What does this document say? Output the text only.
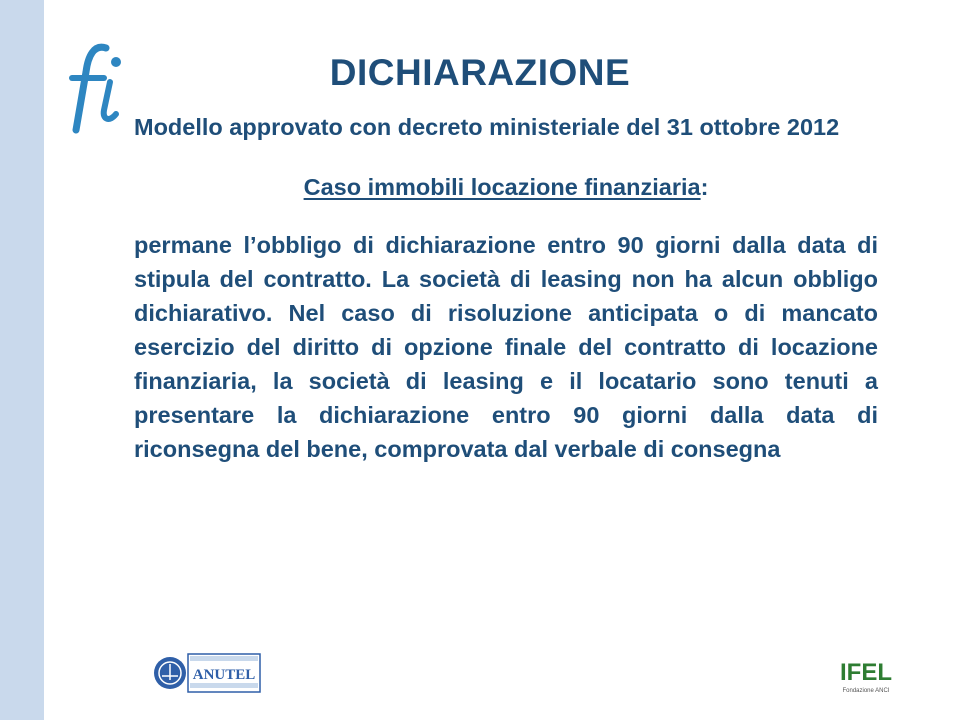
fi
DICHIARAZIONE

Modello approvato con decreto ministeriale del 31 ottobre 2012

Caso immobili locazione finanziaria:

permane l’obbligo di dichiarazione entro 90 giorni dalla data di stipula del contratto. La società di leasing non ha alcun obbligo dichiarativo. Nel caso di risoluzione anticipata o di mancato esercizio del diritto di opzione finale del contratto di locazione finanziaria, la società di leasing e il locatario sono tenuti a presentare la dichiarazione entro 90 giorni dalla data di riconsegna del bene, comprovata dal verbale di consegna

ANUTEL	IFEL
Fondazione ANCI
